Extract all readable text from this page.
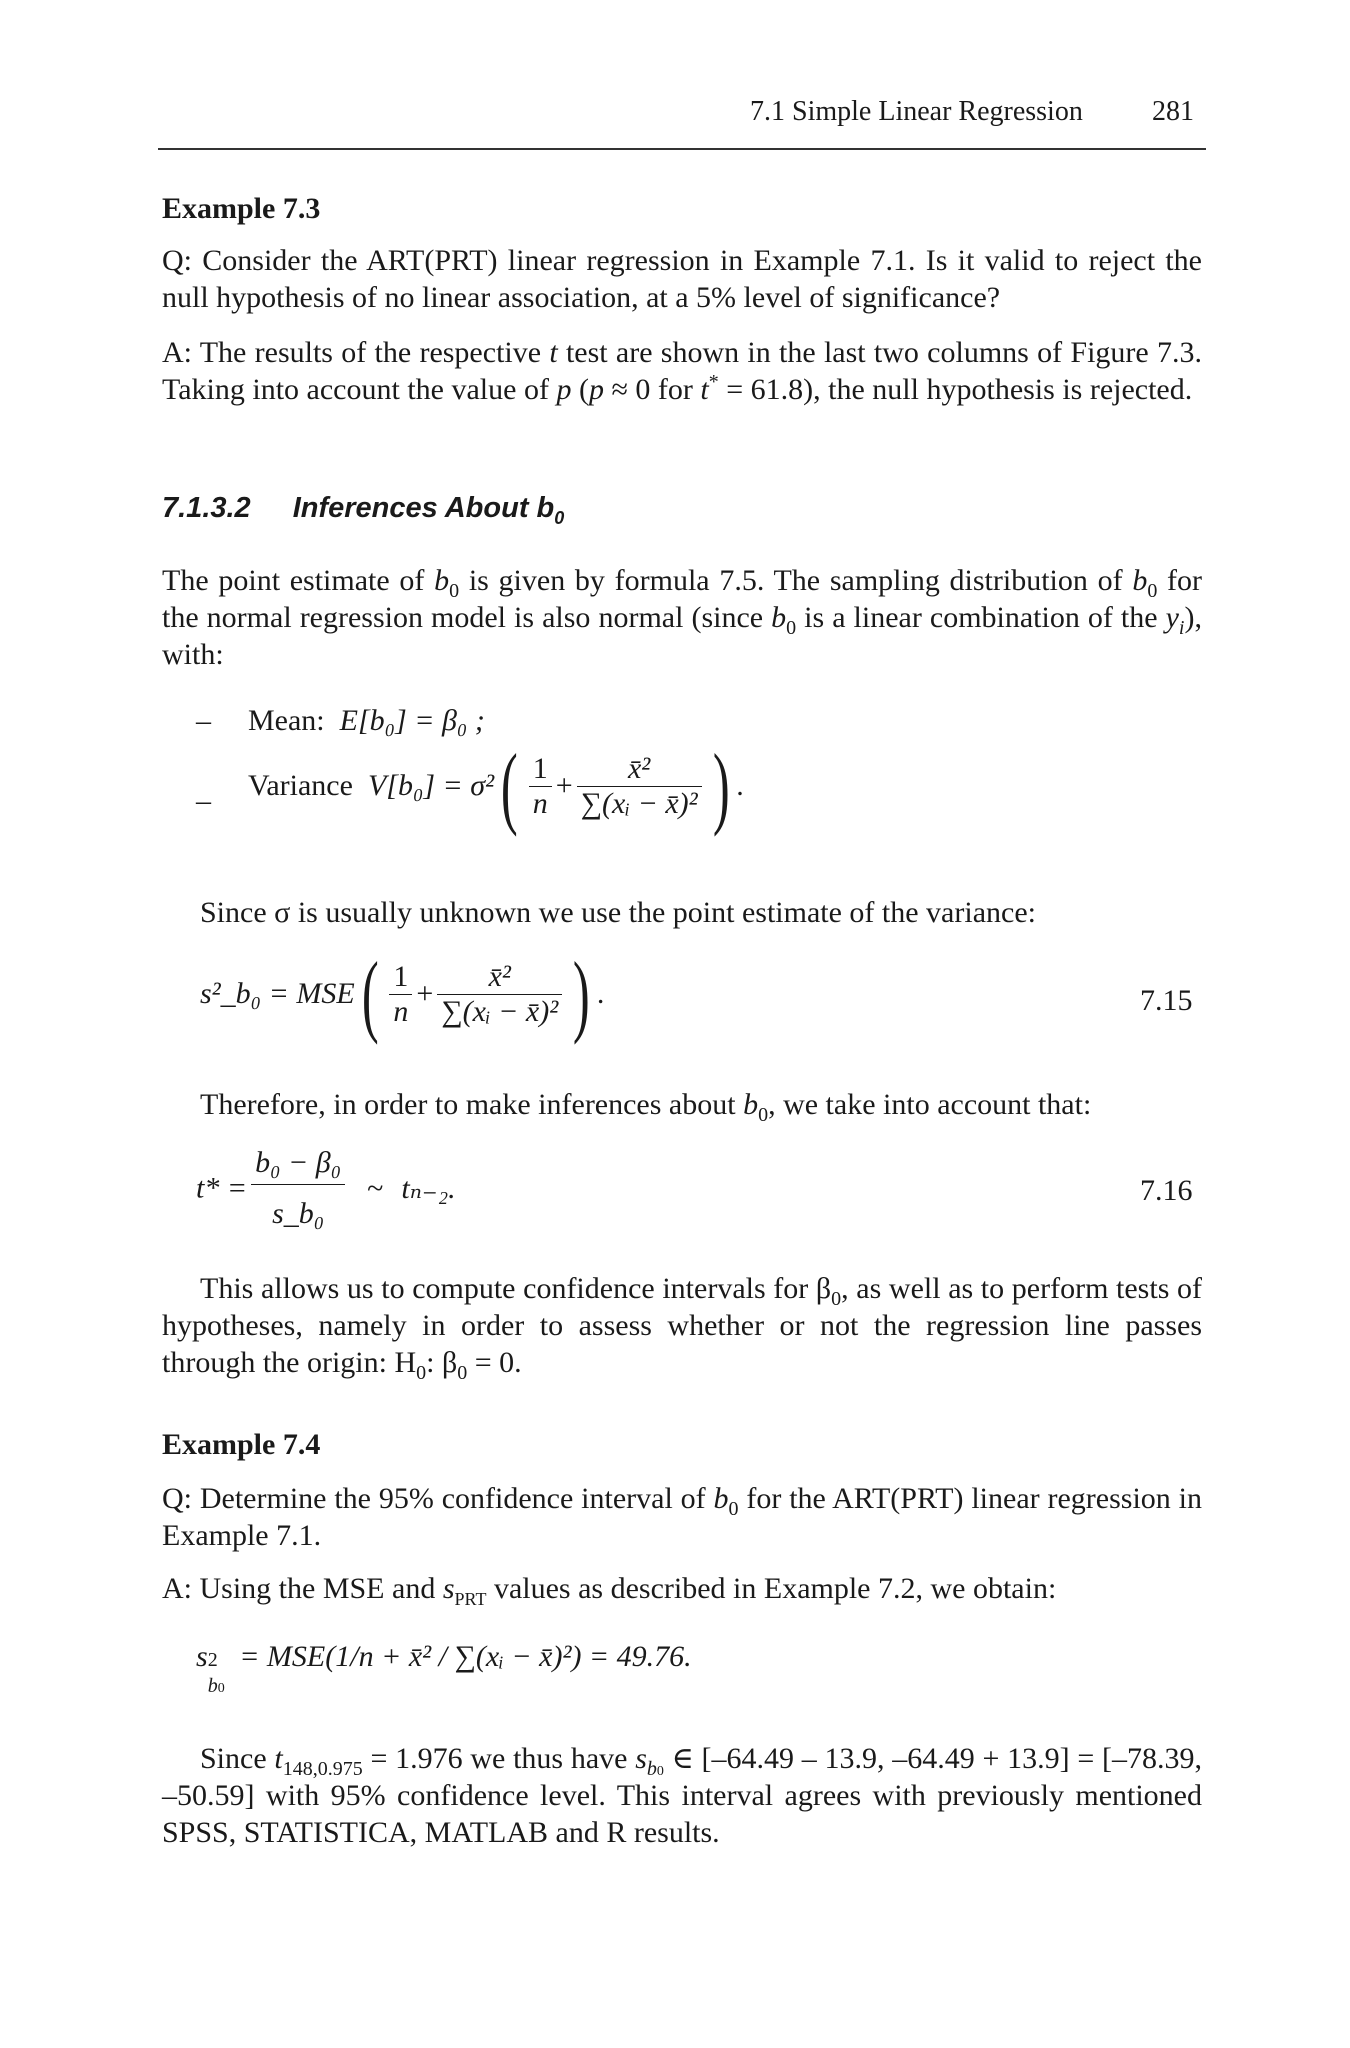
7.1 Simple Linear Regression 281
Example 7.3
Q: Consider the ART(PRT) linear regression in Example 7.1. Is it valid to reject the null hypothesis of no linear association, at a 5% level of significance?
A: The results of the respective t test are shown in the last two columns of Figure 7.3. Taking into account the value of p (p ≈ 0 for t* = 61.8), the null hypothesis is rejected.
7.1.3.2 Inferences About $b_0$
The point estimate of $b_0$ is given by formula 7.5. The sampling distribution of $b_0$ for the normal regression model is also normal (since $b_0$ is a linear combination of the $y_i$), with:
– Mean: E[b₀] = β₀ ;
– Variance $V[b_0] = \sigma^2( \frac{1}{n} + \frac{\text{x̄²}}{\text{∑(xᵢ − x̄)²}}$ ) .
Since σ is usually unknown we use the point estimate of the variance:
s²_b₀ = $MSE( \frac{1}{n} + \frac{\text{x̄²}}{\text{∑(xᵢ − x̄)²}}$ ) .	7.15
Therefore, in order to make inferences about $b_0$, we take into account that:
$t* = \frac{\text{b₀ − β₀}}{\text{s\_b₀}}$ ~ tₙ₋₂.	7.16
This allows us to compute confidence intervals for $\beta_0$, as well as to perform tests of hypotheses, namely in order to assess whether or not the regression line passes through the origin: $H_0$: $\beta_0 = 0$.
Example 7.4
Q: Determine the 95% confidence interval of $b_0$ for the ART(PRT) linear regression in Example 7.1.
A: Using the MSE and $s_{PRT}$ values as described in Example 7.2, we obtain:
s 2
b0
= MSE(1/n + x̄² / ∑(xᵢ − x̄)²) = 49.76.
Since $t_{148,0.975} = 1.976$ we thus have $s_{b0}$ ∈ [–64.49 – 13.9, –64.49 + 13.9] = [–78.39, –50.59] with 95% confidence level. This interval agrees with previously mentioned SPSS, STATISTICA, MATLAB and R results.
